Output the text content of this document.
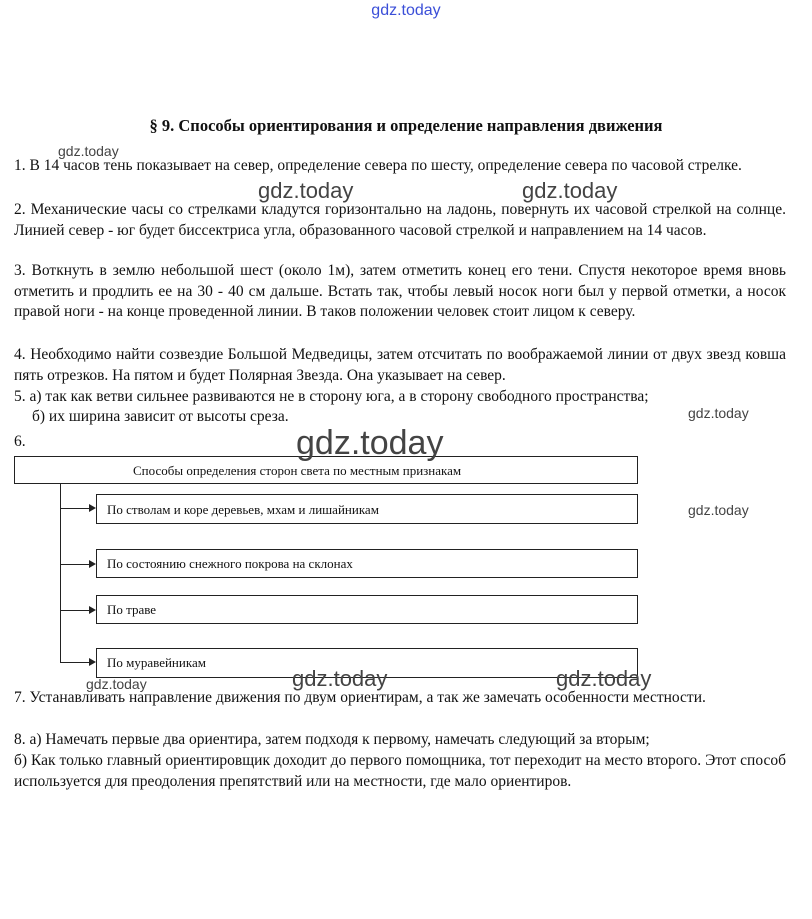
gdz.today
§ 9. Способы ориентирования и определение направления движения

1. В 14 часов тень показывает на север, определение севера по шесту, определение севера по часовой стрелке.

2. Механические часы со стрелками кладутся горизонтально на ладонь, повернуть их часовой стрелкой на солнце. Линией север - юг будет биссектриса угла, образованного часовой стрелкой и направлением на 14 часов.

3. Воткнуть в землю небольшой шест (около 1м), затем отметить конец его тени. Спустя некоторое время вновь отметить и продлить ее на 30 - 40 см дальше. Встать так, чтобы левый носок ноги был у первой отметки, а носок правой ноги - на конце проведенной линии. В таков положении человек стоит лицом к северу.

4. Необходимо найти созвездие Большой Медведицы, затем отсчитать по воображаемой линии от двух звезд ковша пять отрезков. На пятом и будет Полярная Звезда. Она указывает на север.

5. а) так как ветви сильнее развиваются не в сторону юга, а в сторону свободного пространства;

б) их ширина зависит от высоты среза.

6.

Способы определения сторон света по местным признакам
По стволам и коре деревьев, мхам и лишайникам
По состоянию снежного покрова на склонах
По траве
По муравейникам

7. Устанавливать направление движения по двум ориентирам, а так же замечать особенности местности.

8. а) Намечать первые два ориентира, затем подходя к первому, намечать следующий за вторым;

б) Как только главный ориентировщик доходит до первого помощника, тот переходит на место второго. Этот способ используется для преодоления препятствий или на местности, где мало ориентиров.

gdz.today
gdz.today	gdz.today
gdz.today
gdz.today
gdz.today
gdz.today	gdz.today
gdz.today
